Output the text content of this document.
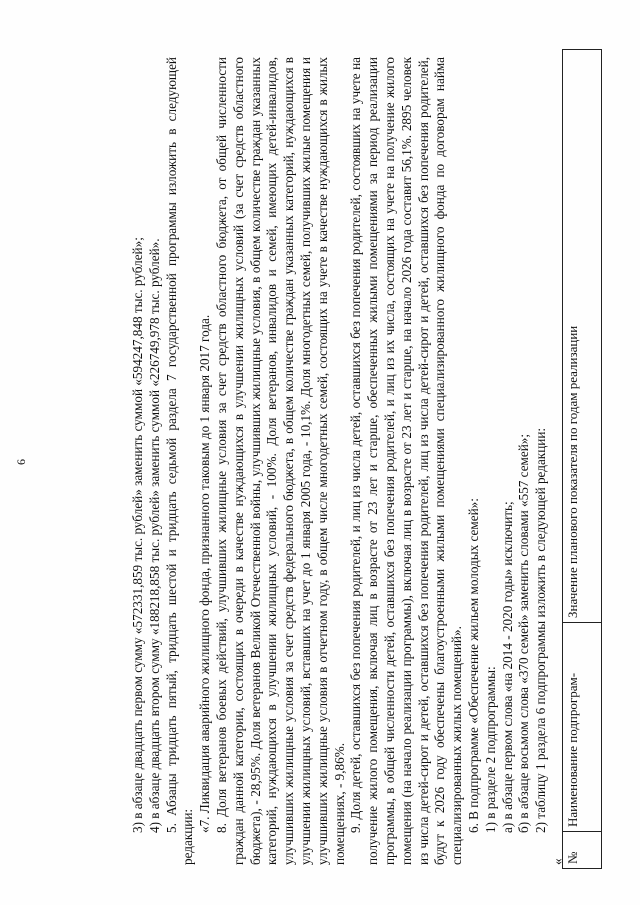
6	3) в абзаце двадцать первом сумму «572331,859 тыс. рублей» заменить суммой «594247,848 тыс. рублей»; 4) в абзаце двадцать втором сумму «188218,858 тыс. рублей» заменить суммой «226749,978 тыс. рублей». 5. Абзацы тридцать пятый, тридцать шестой и тридцать седьмой раздела 7 государственной программы изложить в следующей редакции:

«7. Ликвидация аварийного жилищного фонда, признанного таковым до 1 января 2017 года. 8. Доля ветеранов боевых действий, улучшивших жилищные условия за счет средств областного бюджета, от общей численности граждан данной категории, состоящих в очереди в качестве нуждающихся в улучшении жилищных условий (за счет средств областного бюджета), - 28,95%. Доля ветеранов Великой Отечественной войны, улучшивших жилищные условия, в общем количестве граждан указанных категорий, нуждающихся в улучшении жилищных условий, - 100%. Доля ветеранов, инвалидов и семей, имеющих детей-инвалидов, улучшивших жилищные условия за счет средств федерального бюджета, в общем количестве граждан указанных категорий, нуждающихся в улучшении жилищных условий, вставших на учет до 1 января 2005 года, - 10,1%. Доля многодетных семей, получивших жилые помещения и улучшивших жилищные условия в отчетном году, в общем числе многодетных семей, состоящих на учете в качестве нуждающихся в жилых помещениях, - 9,86%. 9. Доля детей, оставшихся без попечения родителей, и лиц из числа детей, оставшихся без попечения родителей, состоявших на учете на получение жилого помещения, включая лиц в возрасте от 23 лет и старше, обеспеченных жилыми помещениями за период реализации программы, в общей численности детей, оставшихся без попечения родителей, и лиц из их числа, состоящих на учете на получение жилого помещения (на начало реализации программы), включая лиц в возрасте от 23 лет и старше, на начало 2026 года составит 56,1%. 2895 человек из числа детей-сирот и детей, оставшихся без попечения родителей, лиц из числа детей-сирот и детей, оставшихся без попечения родителей, будут к 2026 году обеспечены благоустроенными жилыми помещениями специализированного жилищного фонда по договорам найма специализированных жилых помещений». 6. В подпрограмме «Обеспечение жильем молодых семей»: 1) в разделе 2 подпрограммы: а) в абзаце первом слова «на 2014 - 2020 годы» исключить; б) в абзаце восьмом слова «370 семей» заменить словами «557 семей»; 2) таблицу 1 раздела 6 подпрограммы изложить в следующей редакции:

« №	Наименование подпрограм-	Значение планового показателя по годам реализации
